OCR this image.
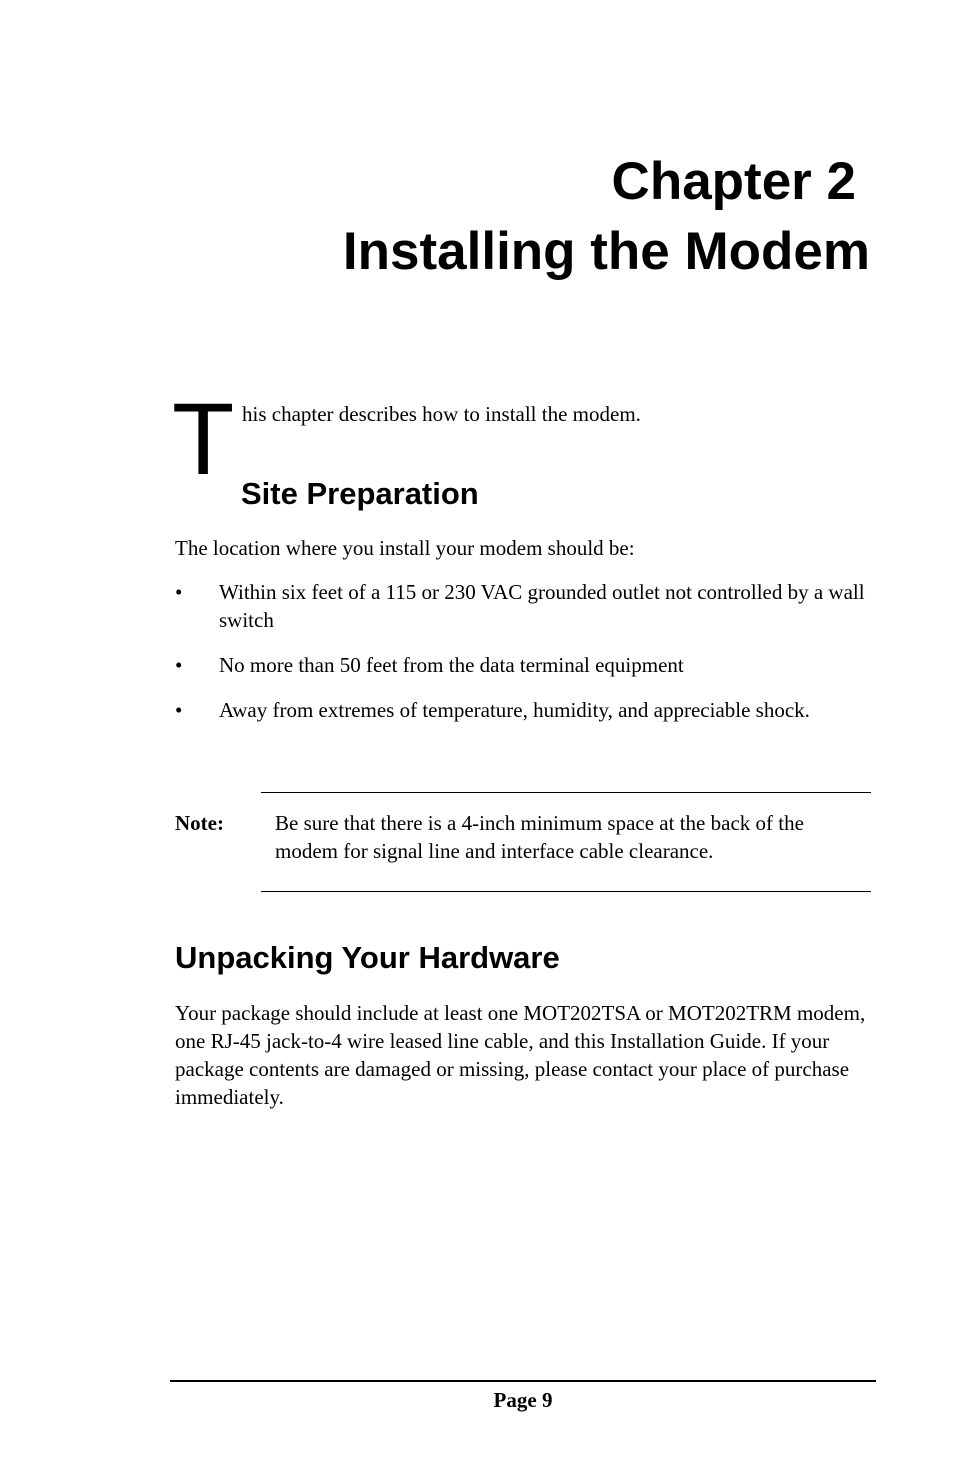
Chapter 2
Installing the Modem
T his chapter describes how to install the modem.
Site Preparation

The location where you install your modem should be:

• Within six feet of a 115 or 230 VAC grounded outlet not controlled by a wall switch
• No more than 50 feet from the data terminal equipment
• Away from extremes of temperature, humidity, and appreciable shock.
Note: Be sure that there is a 4-inch minimum space at the back of the modem for signal line and interface cable clearance.
Unpacking Your Hardware

Your package should include at least one MOT202TSA or MOT202TRM modem, one RJ-45 jack-to-4 wire leased line cable, and this Installation Guide. If your package contents are damaged or missing, please contact your place of purchase immediately.

Page 9
